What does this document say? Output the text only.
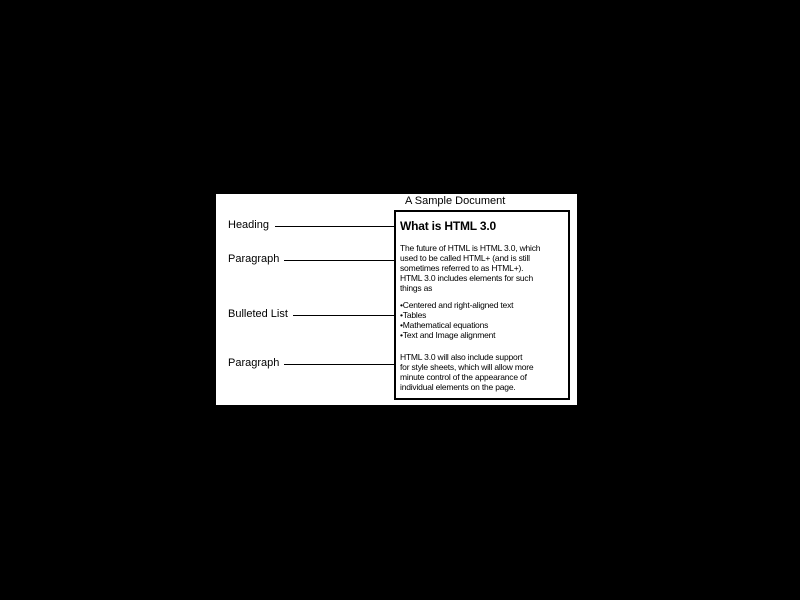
A Sample Document
Heading
Paragraph
Bulleted List
Paragraph
What is HTML 3.0
The future of HTML is HTML 3.0, which
used to be called HTML+ (and is still
sometimes referred to as HTML+).
HTML 3.0 includes elements for such
things as
• Centered and right-aligned text
• Tables
• Mathematical equations
• Text and Image alignment
HTML 3.0 will also include support
for style sheets, which will allow more
minute control of the appearance of
individual elements on the page.
